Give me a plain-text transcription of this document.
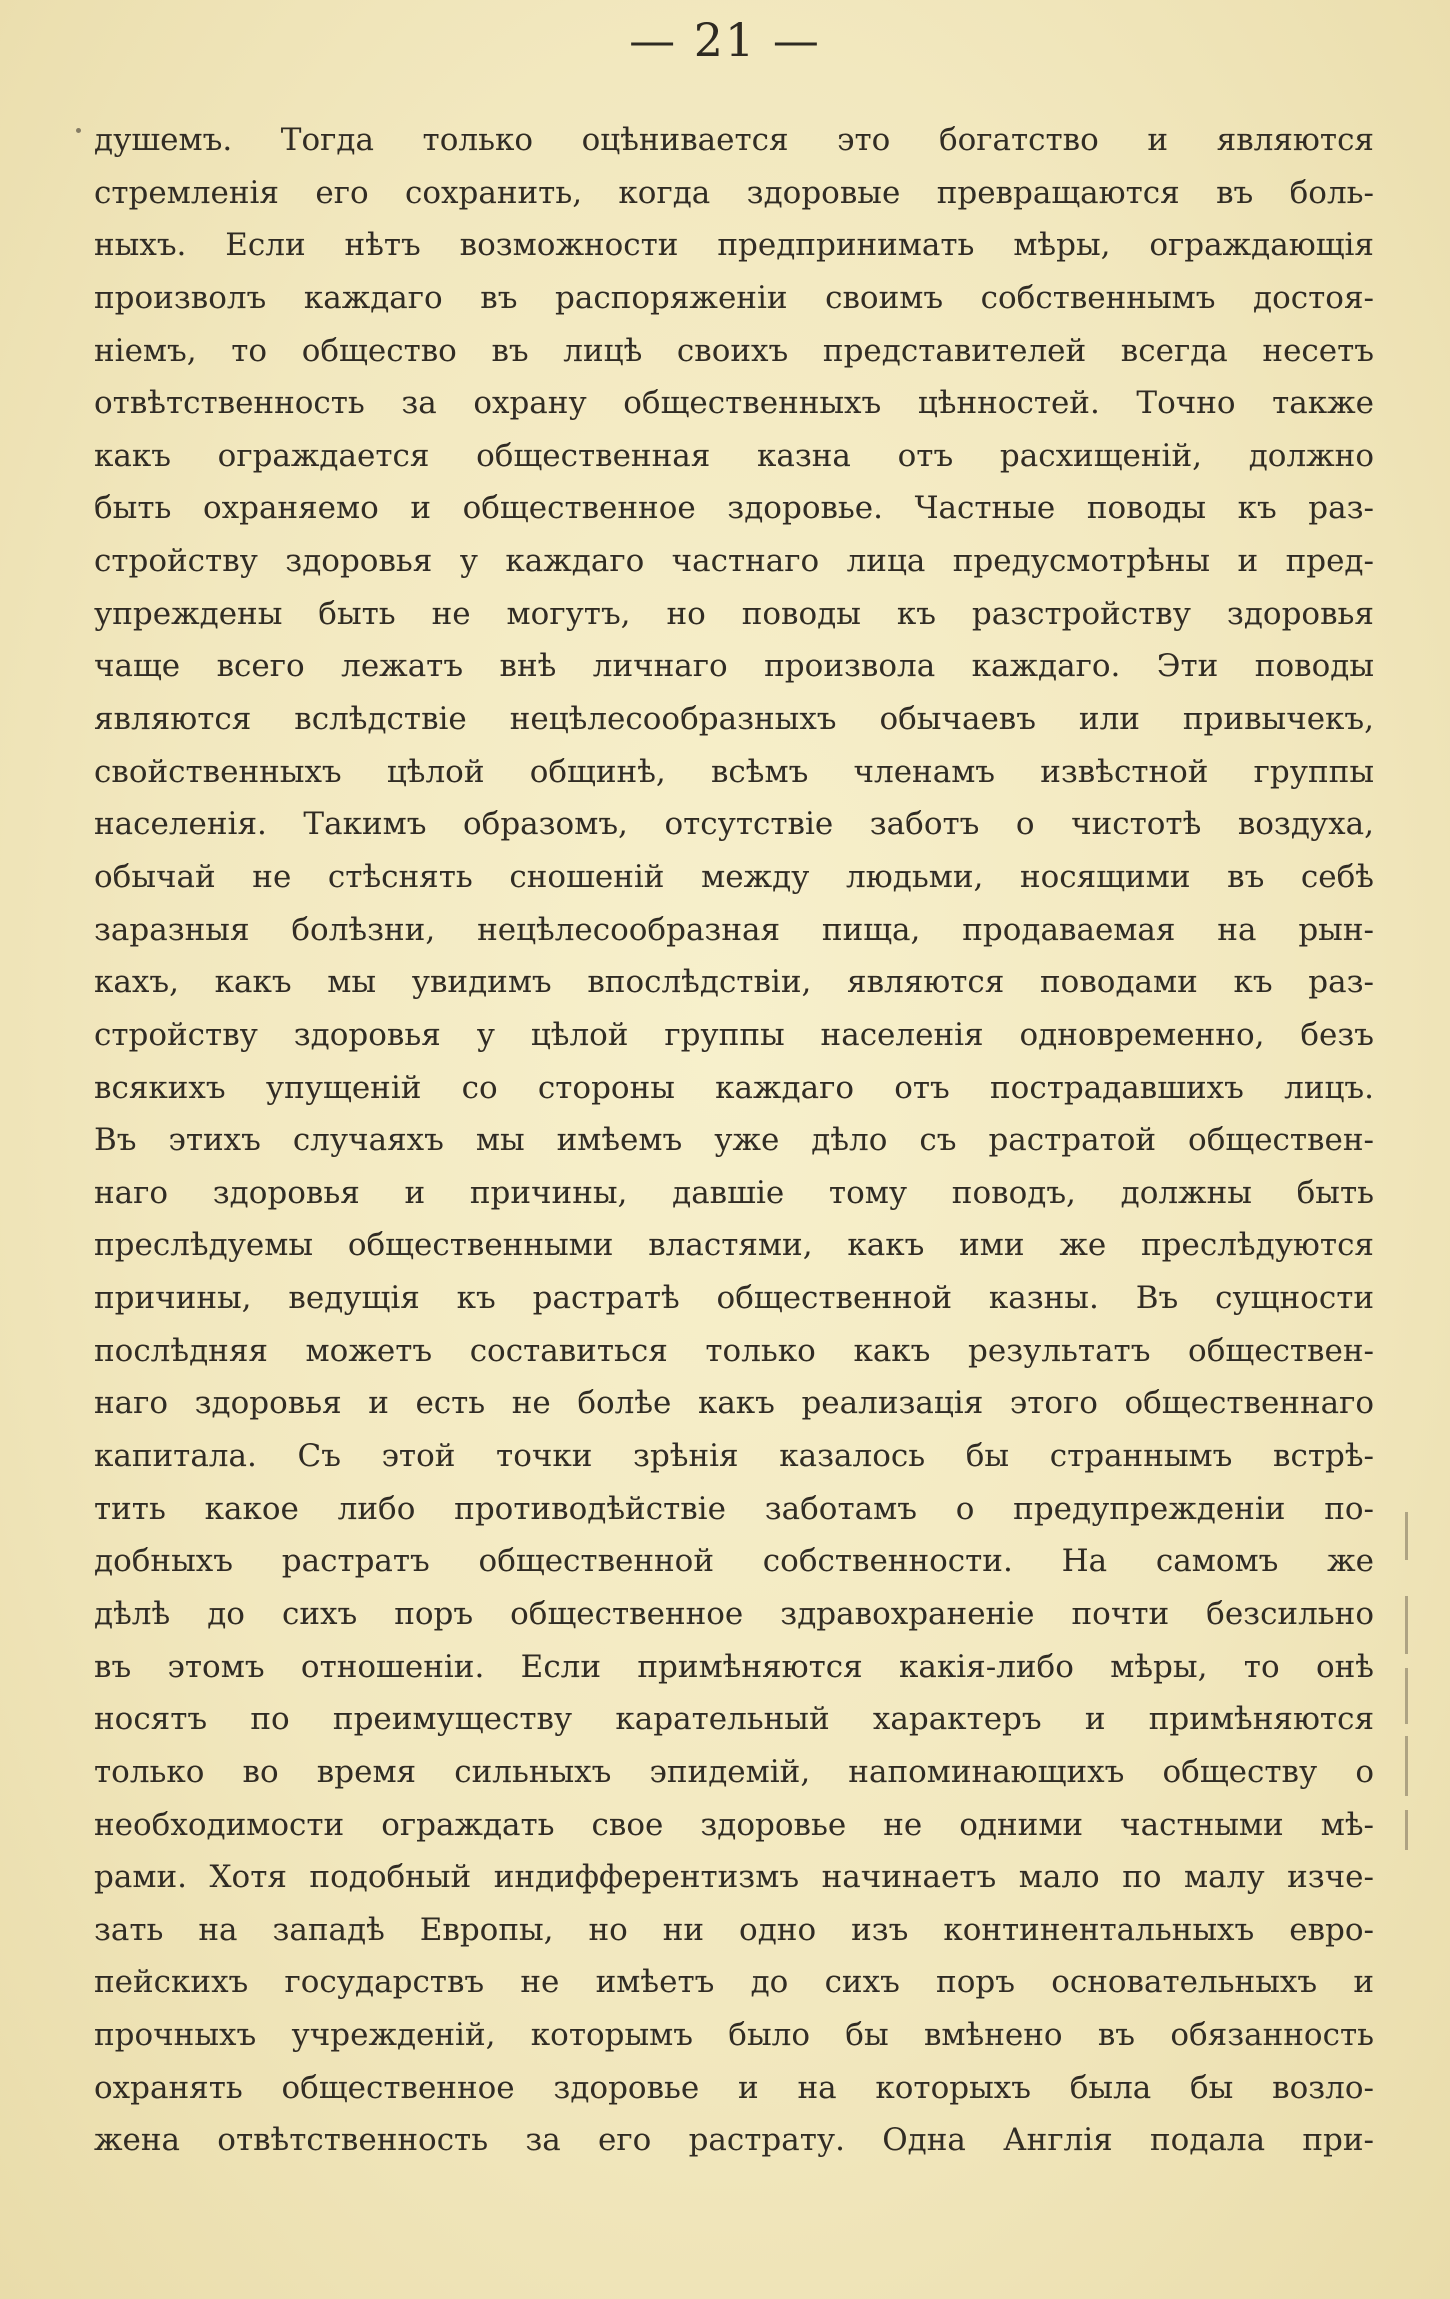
— 21 —
душемъ. Тогда только оцѣнивается это богатство и являются
стремленія его сохранить, когда здоровые превращаются въ боль-
ныхъ. Если нѣтъ возможности предпринимать мѣры, ограждающія
произволъ каждаго въ распоряженіи своимъ собственнымъ достоя-
ніемъ, то общество въ лицѣ своихъ представителей всегда несетъ
отвѣтственность за охрану общественныхъ цѣнностей. Точно также
какъ ограждается общественная казна отъ расхищеній, должно
быть охраняемо и общественное здоровье. Частные поводы къ раз-
стройству здоровья у каждаго частнаго лица предусмотрѣны и пред-
упреждены быть не могутъ, но поводы къ разстройству здоровья
чаще всего лежатъ внѣ личнаго произвола каждаго. Эти поводы
являются вслѣдствіе нецѣлесообразныхъ обычаевъ или привычекъ,
свойственныхъ цѣлой общинѣ, всѣмъ членамъ извѣстной группы
населенія. Такимъ образомъ, отсутствіе заботъ о чистотѣ воздуха,
обычай не стѣснять сношеній между людьми, носящими въ себѣ
заразныя болѣзни, нецѣлесообразная пища, продаваемая на рын-
кахъ, какъ мы увидимъ впослѣдствіи, являются поводами къ раз-
стройству здоровья у цѣлой группы населенія одновременно, безъ
всякихъ упущеній со стороны каждаго отъ пострадавшихъ лицъ.
Въ этихъ случаяхъ мы имѣемъ уже дѣло съ растратой обществен-
наго здоровья и причины, давшіе тому поводъ, должны быть
преслѣдуемы общественными властями, какъ ими же преслѣдуются
причины, ведущія къ растратѣ общественной казны. Въ сущности
послѣдняя можетъ составиться только какъ результатъ обществен-
наго здоровья и есть не болѣе какъ реализація этого общественнаго
капитала. Съ этой точки зрѣнія казалось бы страннымъ встрѣ-
тить какое либо противодѣйствіе заботамъ о предупрежденіи по-
добныхъ растратъ общественной собственности. На самомъ же
дѣлѣ до сихъ поръ общественное здравохраненіе почти безсильно
въ этомъ отношеніи. Если примѣняются какія-либо мѣры, то онѣ
носятъ по преимуществу карательный характеръ и примѣняются
только во время сильныхъ эпидемій, напоминающихъ обществу о
необходимости ограждать свое здоровье не одними частными мѣ-
рами. Хотя подобный индифферентизмъ начинаетъ мало по малу изче-
зать на западѣ Европы, но ни одно изъ континентальныхъ евро-
пейскихъ государствъ не имѣетъ до сихъ поръ основательныхъ и
прочныхъ учрежденій, которымъ было бы вмѣнено въ обязанность
охранять общественное здоровье и на которыхъ была бы возло-
жена отвѣтственность за его растрату. Одна Англія подала при-
